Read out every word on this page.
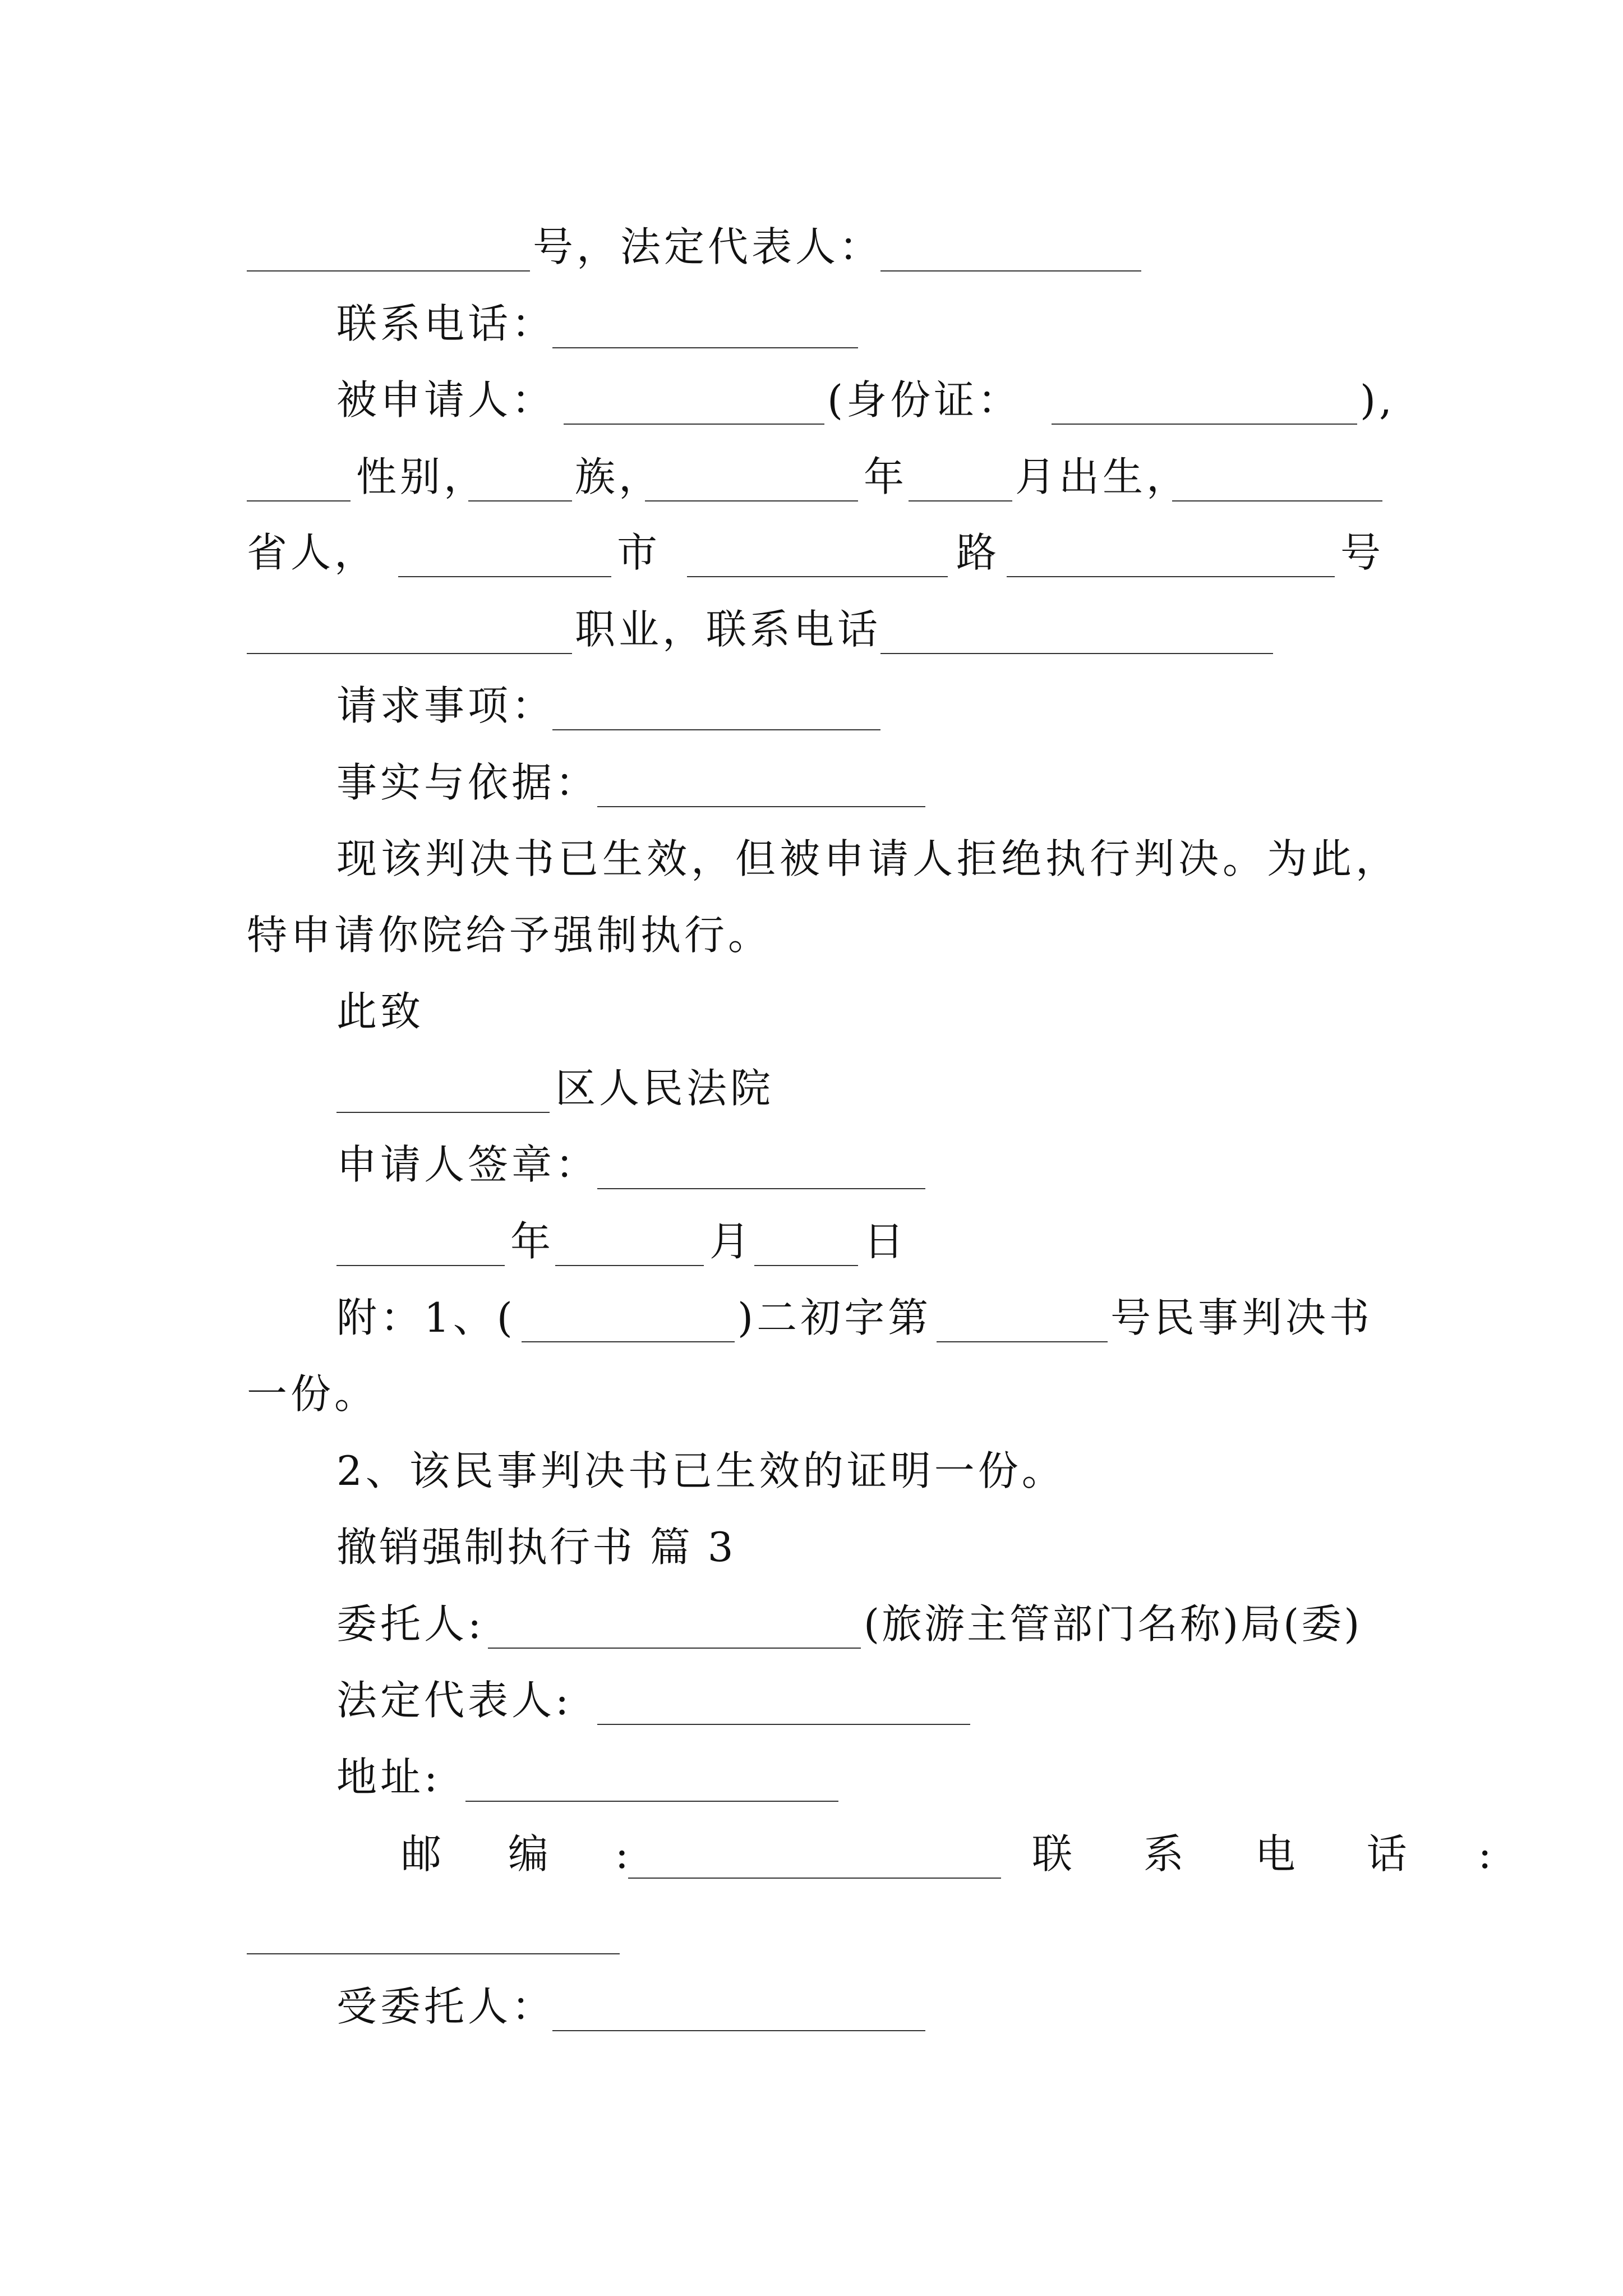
号，法定代表人：
联系电话：
被申请人：	(身份证：	),
性别， 族，	年	月出生，
省人，	市	路	号
职业，联系电话
请求事项：
事实与依据：
现该判决书已生效，但被申请人拒绝执行判决。为此，
特申请你院给予强制执行。
此致
区人民法院
申请人签章：
年	月	日
附：1、(	)二初字第	号民事判决书
一份。
2、该民事判决书已生效的证明一份。
撤销强制执行书 篇 3
委托人:	(旅游主管部门名称)局(委)
法定代表人:
地址:
邮 编 :	联 系 电 话 :
受委托人：
